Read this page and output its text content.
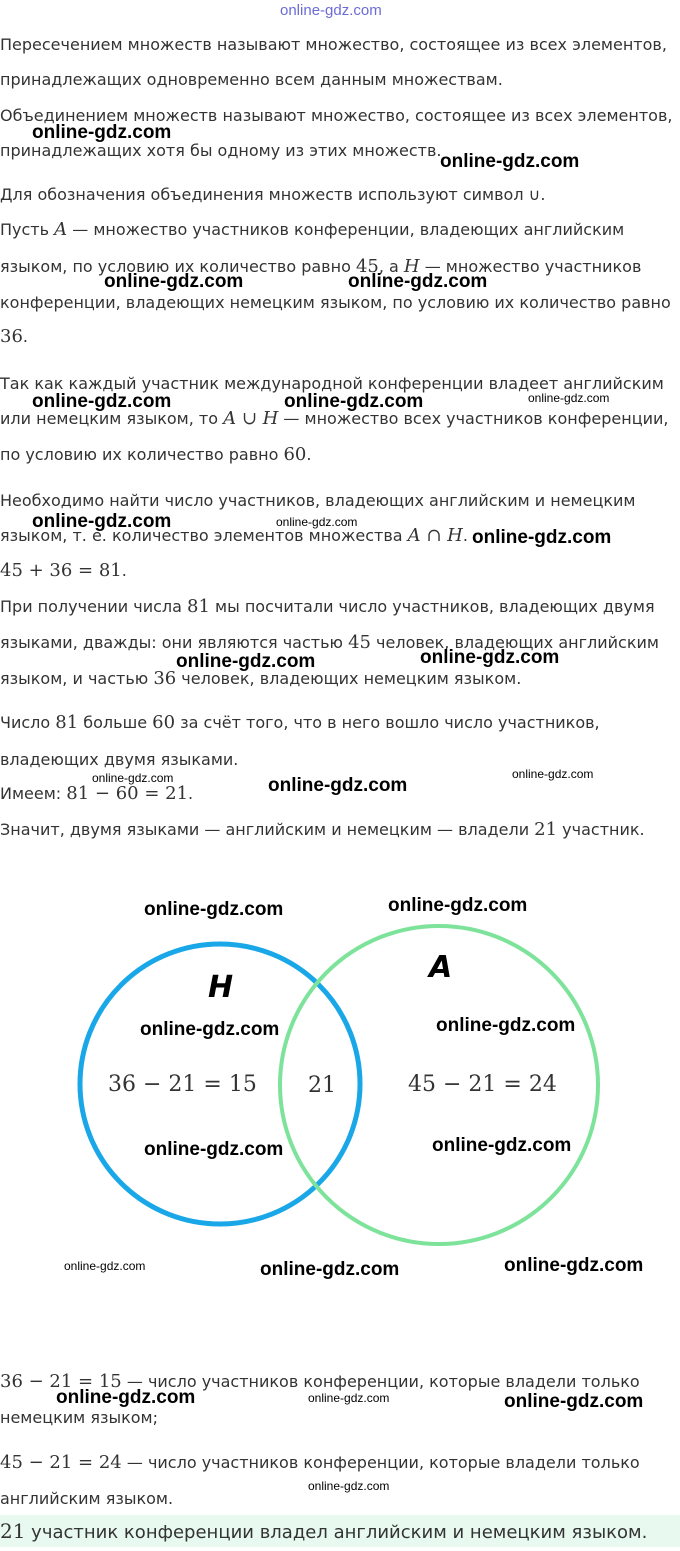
online-gdz.com
Пересечением множеств называют множество, состоящее из всех элементов,
принадлежащих одновременно всем данным множествам.
Объединением множеств называют множество, состоящее из всех элементов,
принадлежащих хотя бы одному из этих множеств.
Для обозначения объединения множеств используют символ ∪.
Пусть A — множество участников конференции, владеющих английским
языком, по условию их количество равно 45, а H — множество участников
конференции, владеющих немецким языком, по условию их количество равно
36.
Так как каждый участник международной конференции владеет английским
или немецким языком, то A ∪ H — множество всех участников конференции,
по условию их количество равно 60.
Необходимо найти число участников, владеющих английским и немецким
языком, т. е. количество элементов множества A ∩ H.
45 + 36 = 81.
При получении числа 81 мы посчитали число участников, владеющих двумя
языками, дважды: они являются частью 45 человек, владеющих английским
языком, и частью 36 человек, владеющих немецким языком.
Число 81 больше 60 за счёт того, что в него вошло число участников,
владеющих двумя языками.
Имеем: 81 − 60 = 21.
Значит, двумя языками — английским и немецким — владели 21 участник.
H
A
36 − 21 = 15 21	45 − 21 = 24
36 − 21 = 15 — число участников конференции, которые владели только
немецким языком;
45 − 21 = 24 — число участников конференции, которые владели только
английским языком.
21 участник конференции владел английским и немецким языком.
online-gdz.com
online-gdz.com
online-gdz.com	online-gdz.com
online-gdz.com	online-gdz.com	online-gdz.com
online-gdz.com	online-gdz.com
online-gdz.com
online-gdz.com	online-gdz.com
online-gdz.com	online-gdz.com
online-gdz.com
online-gdz.com	online-gdz.com
online-gdz.com	online-gdz.com
online-gdz.com	online-gdz.com
online-gdz.com	online-gdz.com	online-gdz.com
online-gdz.com	online-gdz.com	online-gdz.com
online-gdz.com
